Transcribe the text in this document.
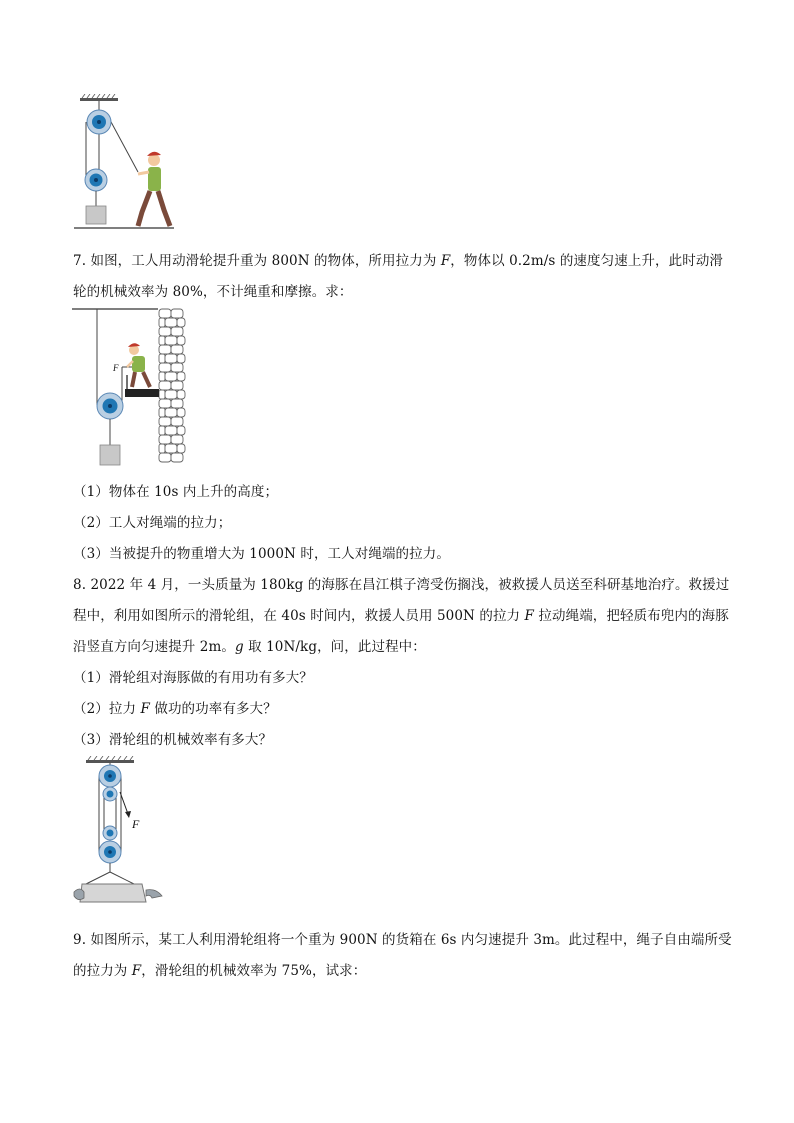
7. 如图，工人用动滑轮提升重为 800N 的物体，所用拉力为 F，物体以 0.2m/s 的速度匀速上升，此时动滑
轮的机械效率为 80%，不计绳重和摩擦。求：
F
（1）物体在 10s 内上升的高度；
（2）工人对绳端的拉力；
（3）当被提升的物重增大为 1000N 时，工人对绳端的拉力。
8. 2022 年 4 月，一头质量为 180kg 的海豚在昌江棋子湾受伤搁浅，被救援人员送至科研基地治疗。救援过
程中，利用如图所示的滑轮组，在 40s 时间内，救援人员用 500N 的拉力 F 拉动绳端，把轻质布兜内的海豚
沿竖直方向匀速提升 2m。g 取 10N/kg，问，此过程中：
（1）滑轮组对海豚做的有用功有多大？
（2）拉力 F 做功的功率有多大？
（3）滑轮组的机械效率有多大？
F
9. 如图所示，某工人利用滑轮组将一个重为 900N 的货箱在 6s 内匀速提升 3m。此过程中，绳子自由端所受
的拉力为 F，滑轮组的机械效率为 75%，试求：
